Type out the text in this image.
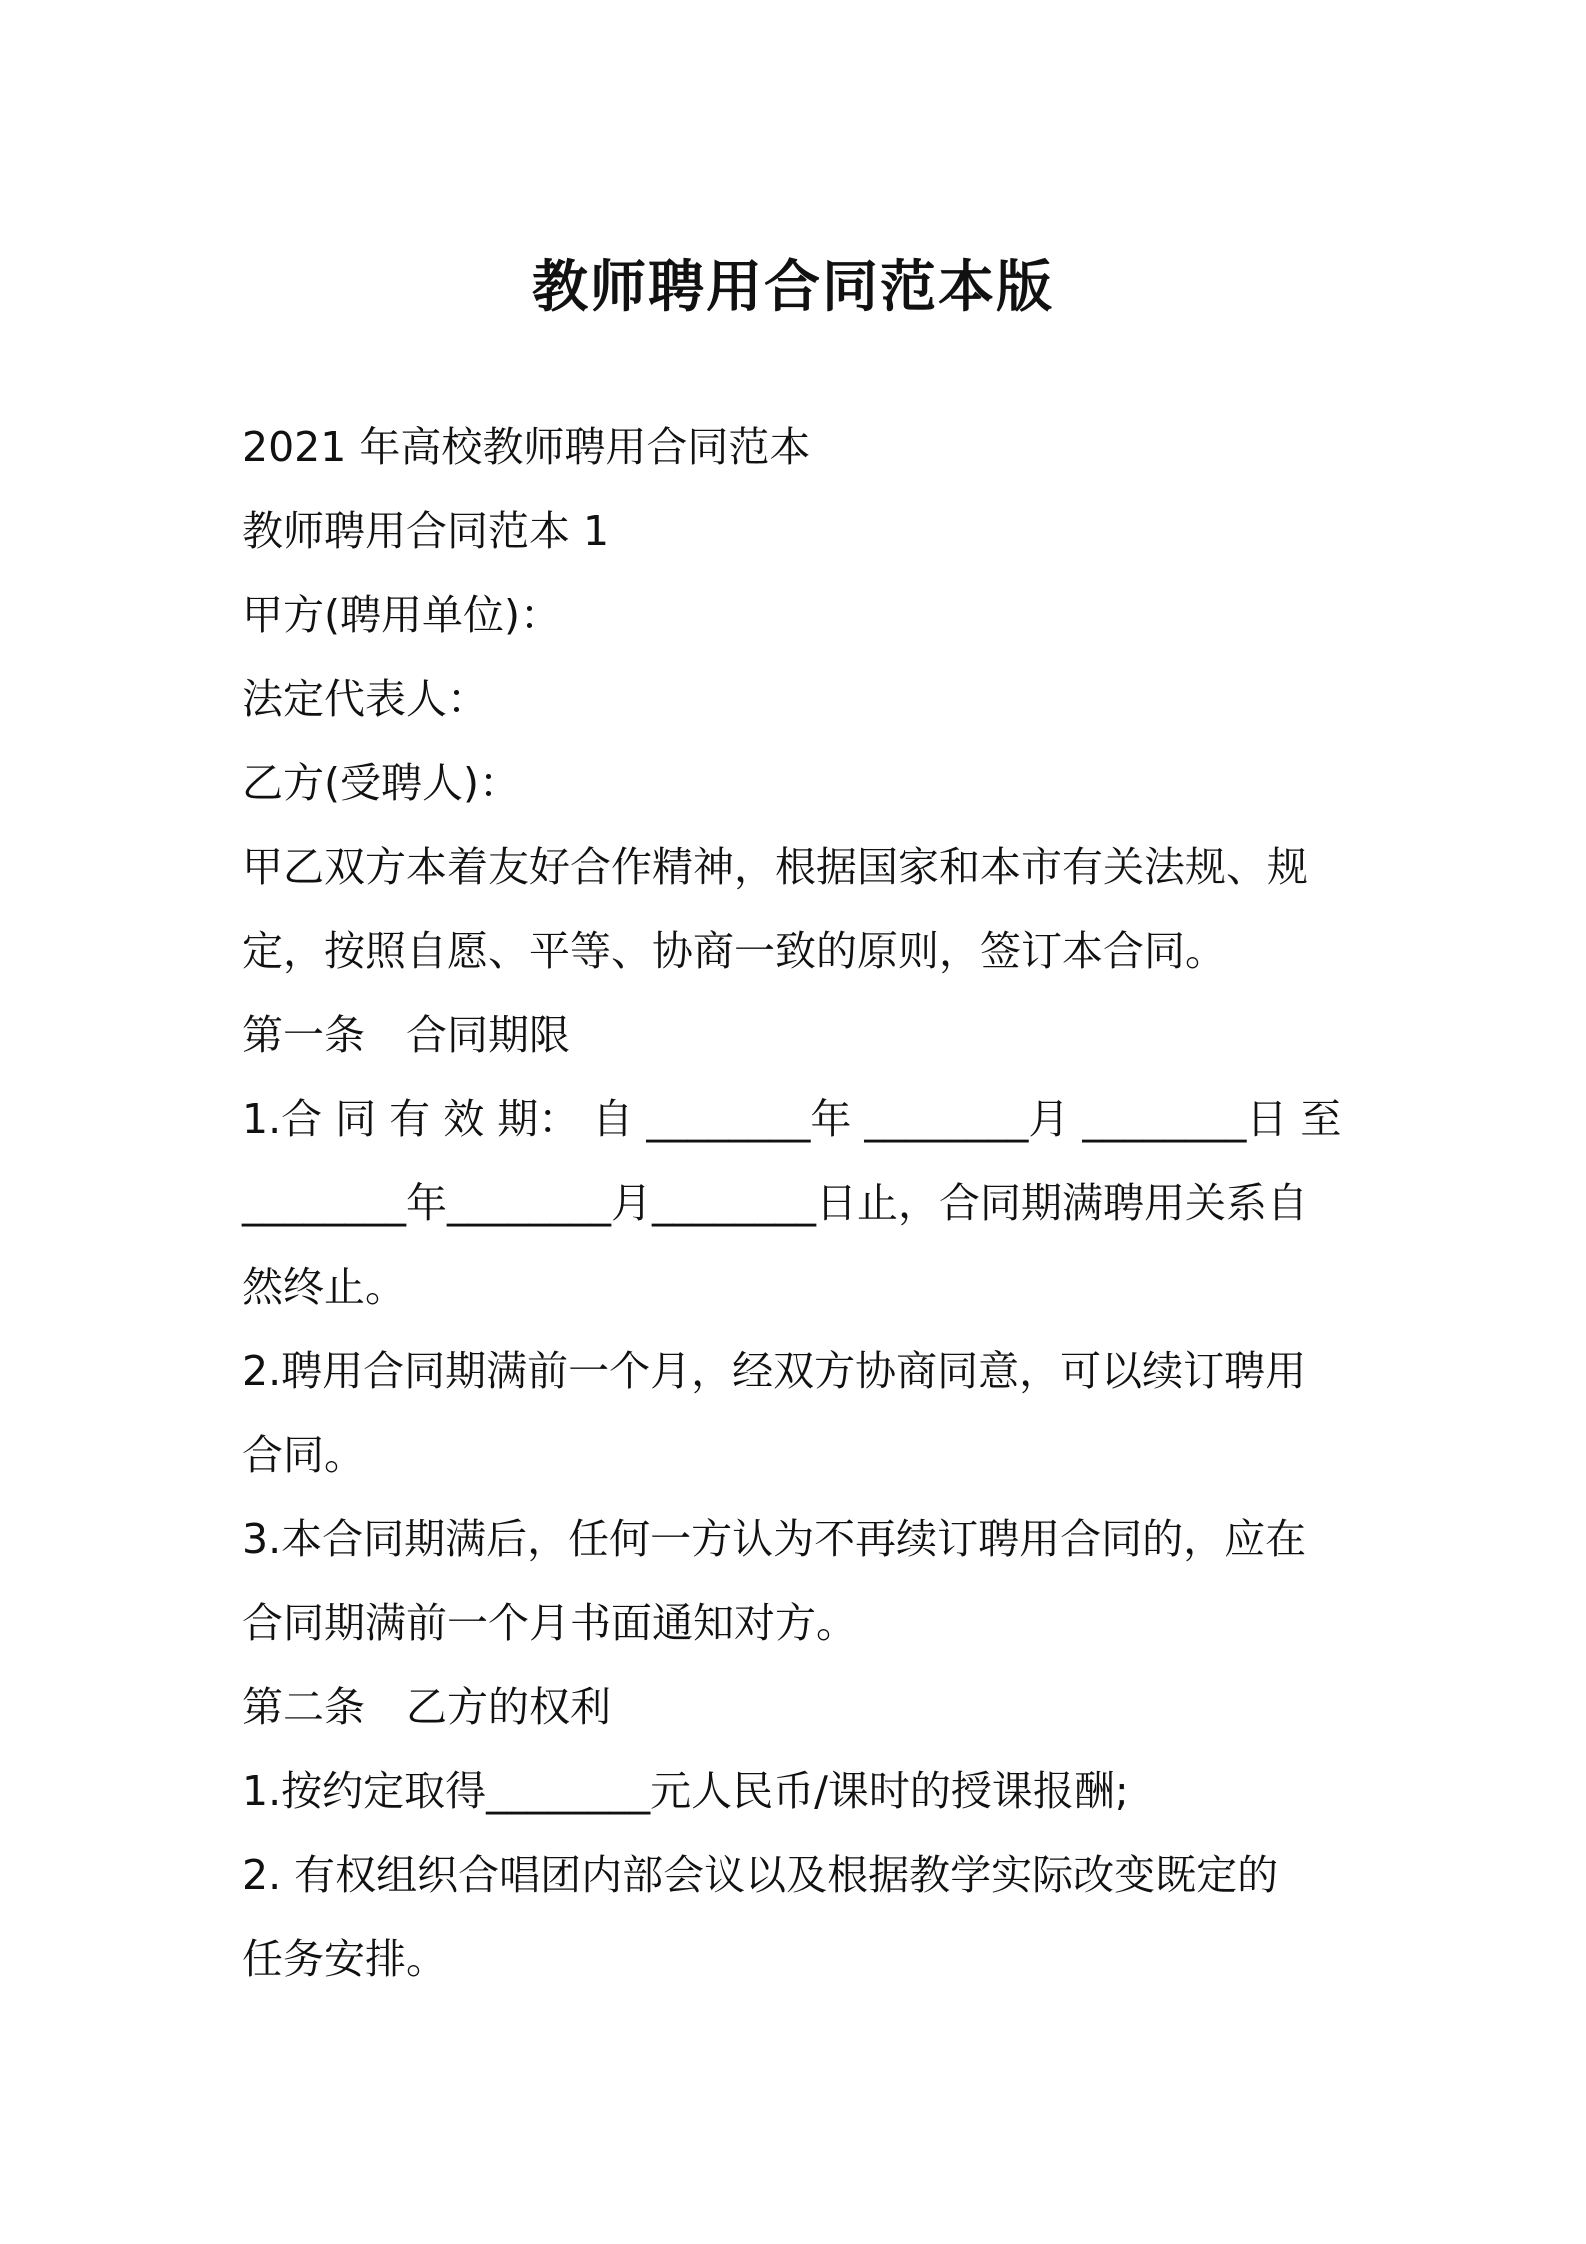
教师聘用合同范本版

2021 年高校教师聘用合同范本

教师聘用合同范本 1

甲方(聘用单位)：

法定代表人：

乙方(受聘人)：

甲乙双方本着友好合作精神，根据国家和本市有关法规、规

定，按照自愿、平等、协商一致的原则，签订本合同。

第一条　合同期限

1.合 同 有 效 期： 自 ________年 ________月 ________日 至

________年________月________日止，合同期满聘用关系自

然终止。

2.聘用合同期满前一个月，经双方协商同意，可以续订聘用

合同。

3.本合同期满后，任何一方认为不再续订聘用合同的，应在

合同期满前一个月书面通知对方。

第二条　乙方的权利

1.按约定取得________元人民币/课时的授课报酬;

2. 有权组织合唱团内部会议以及根据教学实际改变既定的

任务安排。
